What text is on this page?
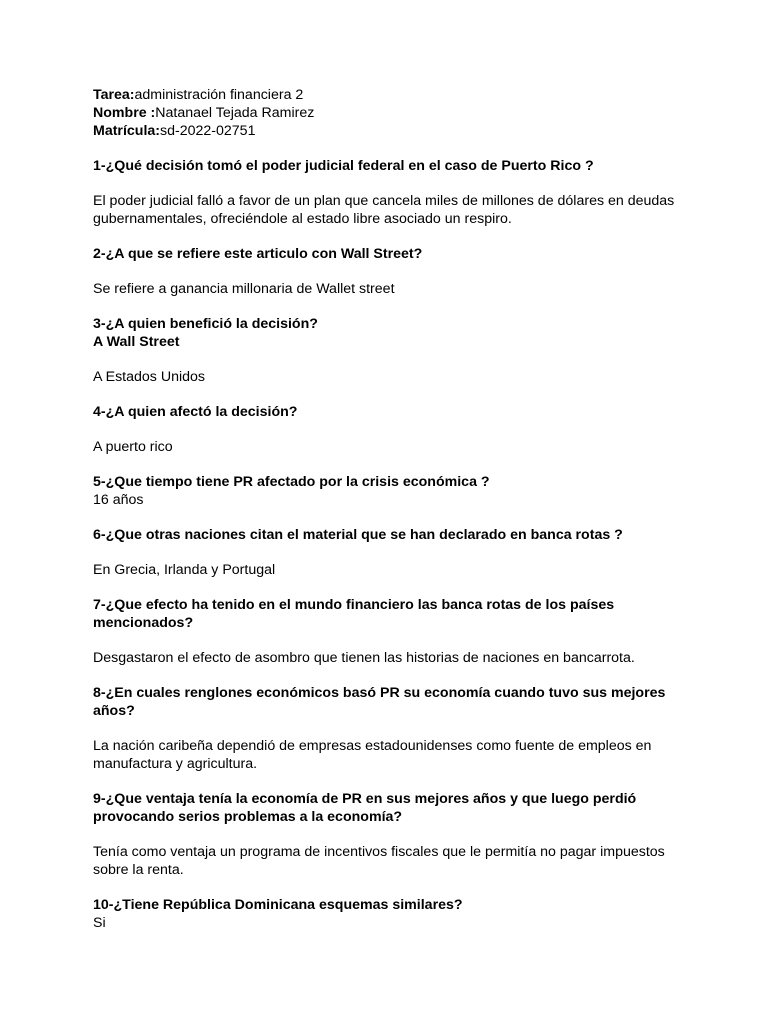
Tarea:administración financiera 2

Nombre :Natanael Tejada Ramirez

Matrícula:sd-2022-02751

1-¿Qué decisión tomó el poder judicial federal en el caso de Puerto Rico ?

El poder judicial falló a favor de un plan que cancela miles de millones de dólares en deudas gubernamentales, ofreciéndole al estado libre asociado un respiro.

2-¿A que se refiere este articulo con Wall Street?

Se refiere a ganancia millonaria de Wallet street

3-¿A quien benefició la decisión?

A Wall Street

A Estados Unidos

4-¿A quien afectó la decisión?

A puerto rico

5-¿Que tiempo tiene PR afectado por la crisis económica ?

16 años

6-¿Que otras naciones citan el material que se han declarado en banca rotas ?

En Grecia, Irlanda y Portugal

7-¿Que efecto ha tenido en el mundo financiero las banca rotas de los países mencionados?

Desgastaron el efecto de asombro que tienen las historias de naciones en bancarrota.

8-¿En cuales renglones económicos basó PR su economía cuando tuvo sus mejores años?

La nación caribeña dependió de empresas estadounidenses como fuente de empleos en manufactura y agricultura.

9-¿Que ventaja tenía la economía de PR en sus mejores años y que luego perdió provocando serios problemas a la economía?

Tenía como ventaja un programa de incentivos fiscales que le permitía no pagar impuestos sobre la renta.

10-¿Tiene República Dominicana esquemas similares?

Si
